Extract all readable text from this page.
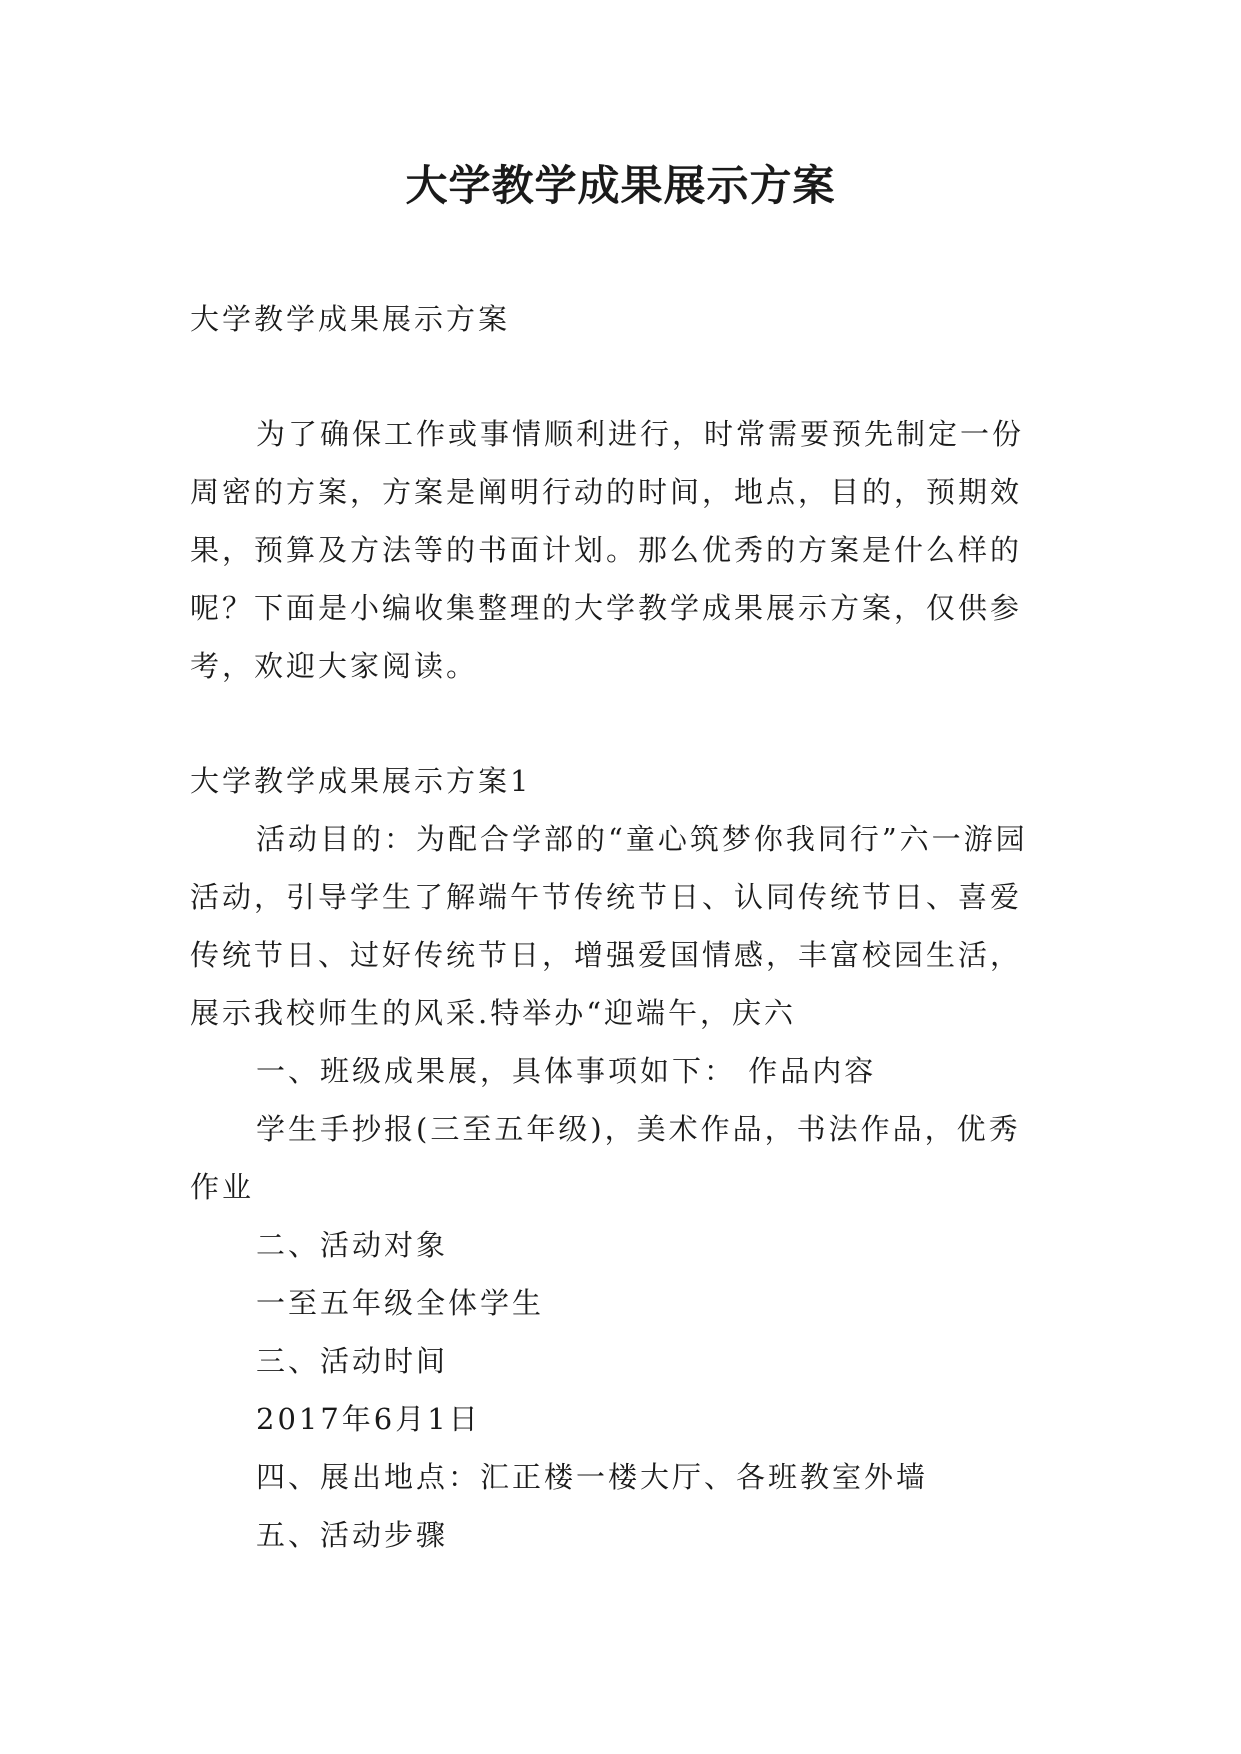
大学教学成果展示方案

大学教学成果展示方案

为了确保工作或事情顺利进行，时常需要预先制定一份周密的方案，方案是阐明行动的时间，地点，目的，预期效果，预算及方法等的书面计划。那么优秀的方案是什么样的呢？下面是小编收集整理的大学教学成果展示方案，仅供参考，欢迎大家阅读。

大学教学成果展示方案1

活动目的：为配合学部的“童心筑梦你我同行”六一游园活动，引导学生了解端午节传统节日、认同传统节日、喜爱传统节日、过好传统节日，增强爱国情感，丰富校园生活，展示我校师生的风采.特举办“迎端午，庆六

一、班级成果展，具体事项如下： 作品内容

学生手抄报(三至五年级)，美术作品，书法作品，优秀作业

二、活动对象

一至五年级全体学生

三、活动时间

2017年6月1日

四、展出地点：汇正楼一楼大厅、各班教室外墙

五、活动步骤
